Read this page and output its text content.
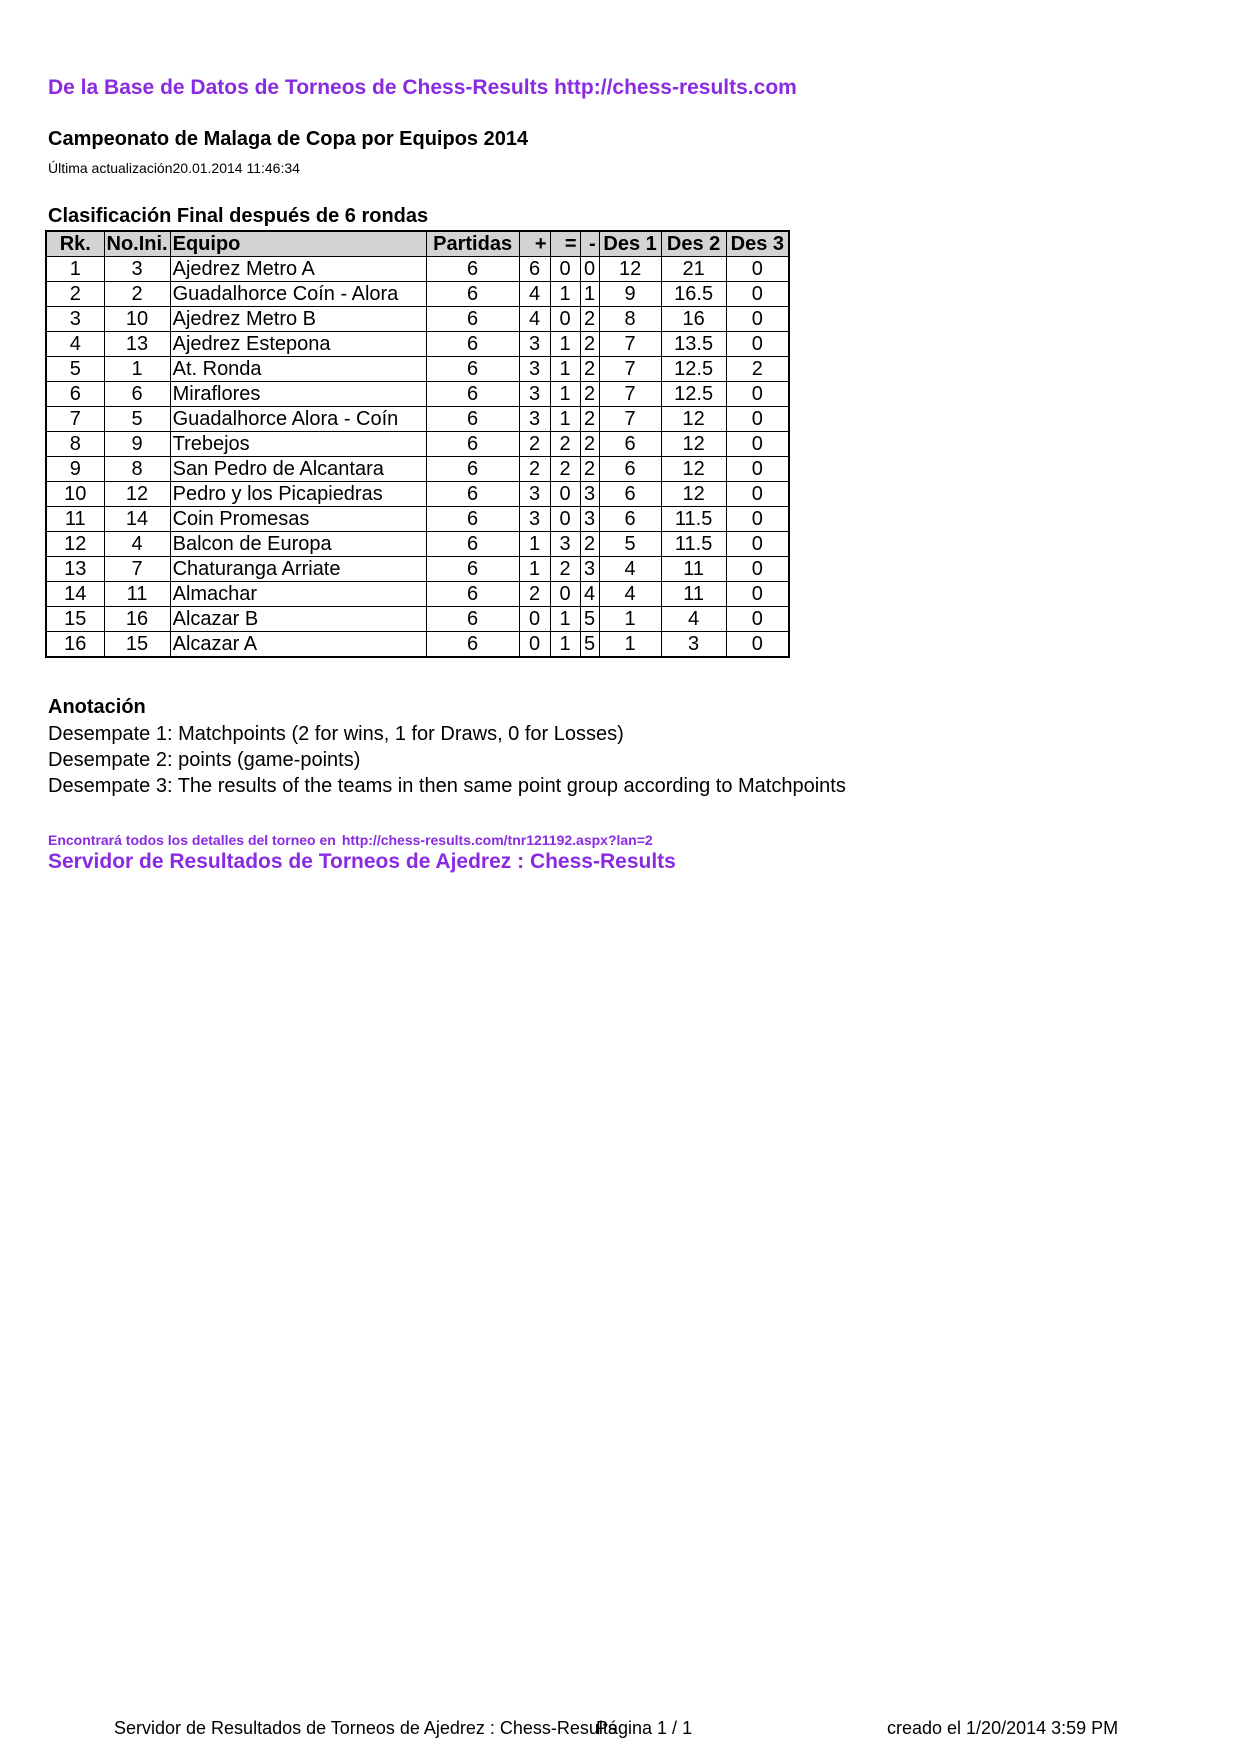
De la Base de Datos de Torneos de Chess-Results http://chess-results.com
Campeonato de Malaga de Copa por Equipos 2014
Última actualización20.01.2014 11:46:34
Clasificación Final después de 6 rondas
Rk.	No.Ini.	Equipo	Partidas	+	=	-	Des 1	Des 2	Des 3
1	3	Ajedrez Metro A	6	6	0	0	12	21	0
2	2	Guadalhorce Coín - Alora	6	4	1	1	9	16.5	0
3	10	Ajedrez Metro B	6	4	0	2	8	16	0
4	13	Ajedrez Estepona	6	3	1	2	7	13.5	0
5	1	At. Ronda	6	3	1	2	7	12.5	2
6	6	Miraflores	6	3	1	2	7	12.5	0
7	5	Guadalhorce Alora - Coín	6	3	1	2	7	12	0
8	9	Trebejos	6	2	2	2	6	12	0
9	8	San Pedro de Alcantara	6	2	2	2	6	12	0
10	12	Pedro y los Picapiedras	6	3	0	3	6	12	0
11	14	Coin Promesas	6	3	0	3	6	11.5	0
12	4	Balcon de Europa	6	1	3	2	5	11.5	0
13	7	Chaturanga Arriate	6	1	2	3	4	11	0
14	11	Almachar	6	2	0	4	4	11	0
15	16	Alcazar B	6	0	1	5	1	4	0
16	15	Alcazar A	6	0	1	5	1	3	0
Anotación
Desempate 1: Matchpoints (2 for wins, 1 for Draws, 0 for Losses)
Desempate 2: points (game-points)
Desempate 3: The results of the teams in then same point group according to Matchpoints
Encontrará todos los detalles del torneo en http://chess-results.com/tnr121192.aspx?lan=2
Servidor de Resultados de Torneos de Ajedrez : Chess-Results
Servidor de Resultados de Torneos de Ajedrez : Chess-Results
Página 1 / 1	creado el 1/20/2014 3:59 PM
